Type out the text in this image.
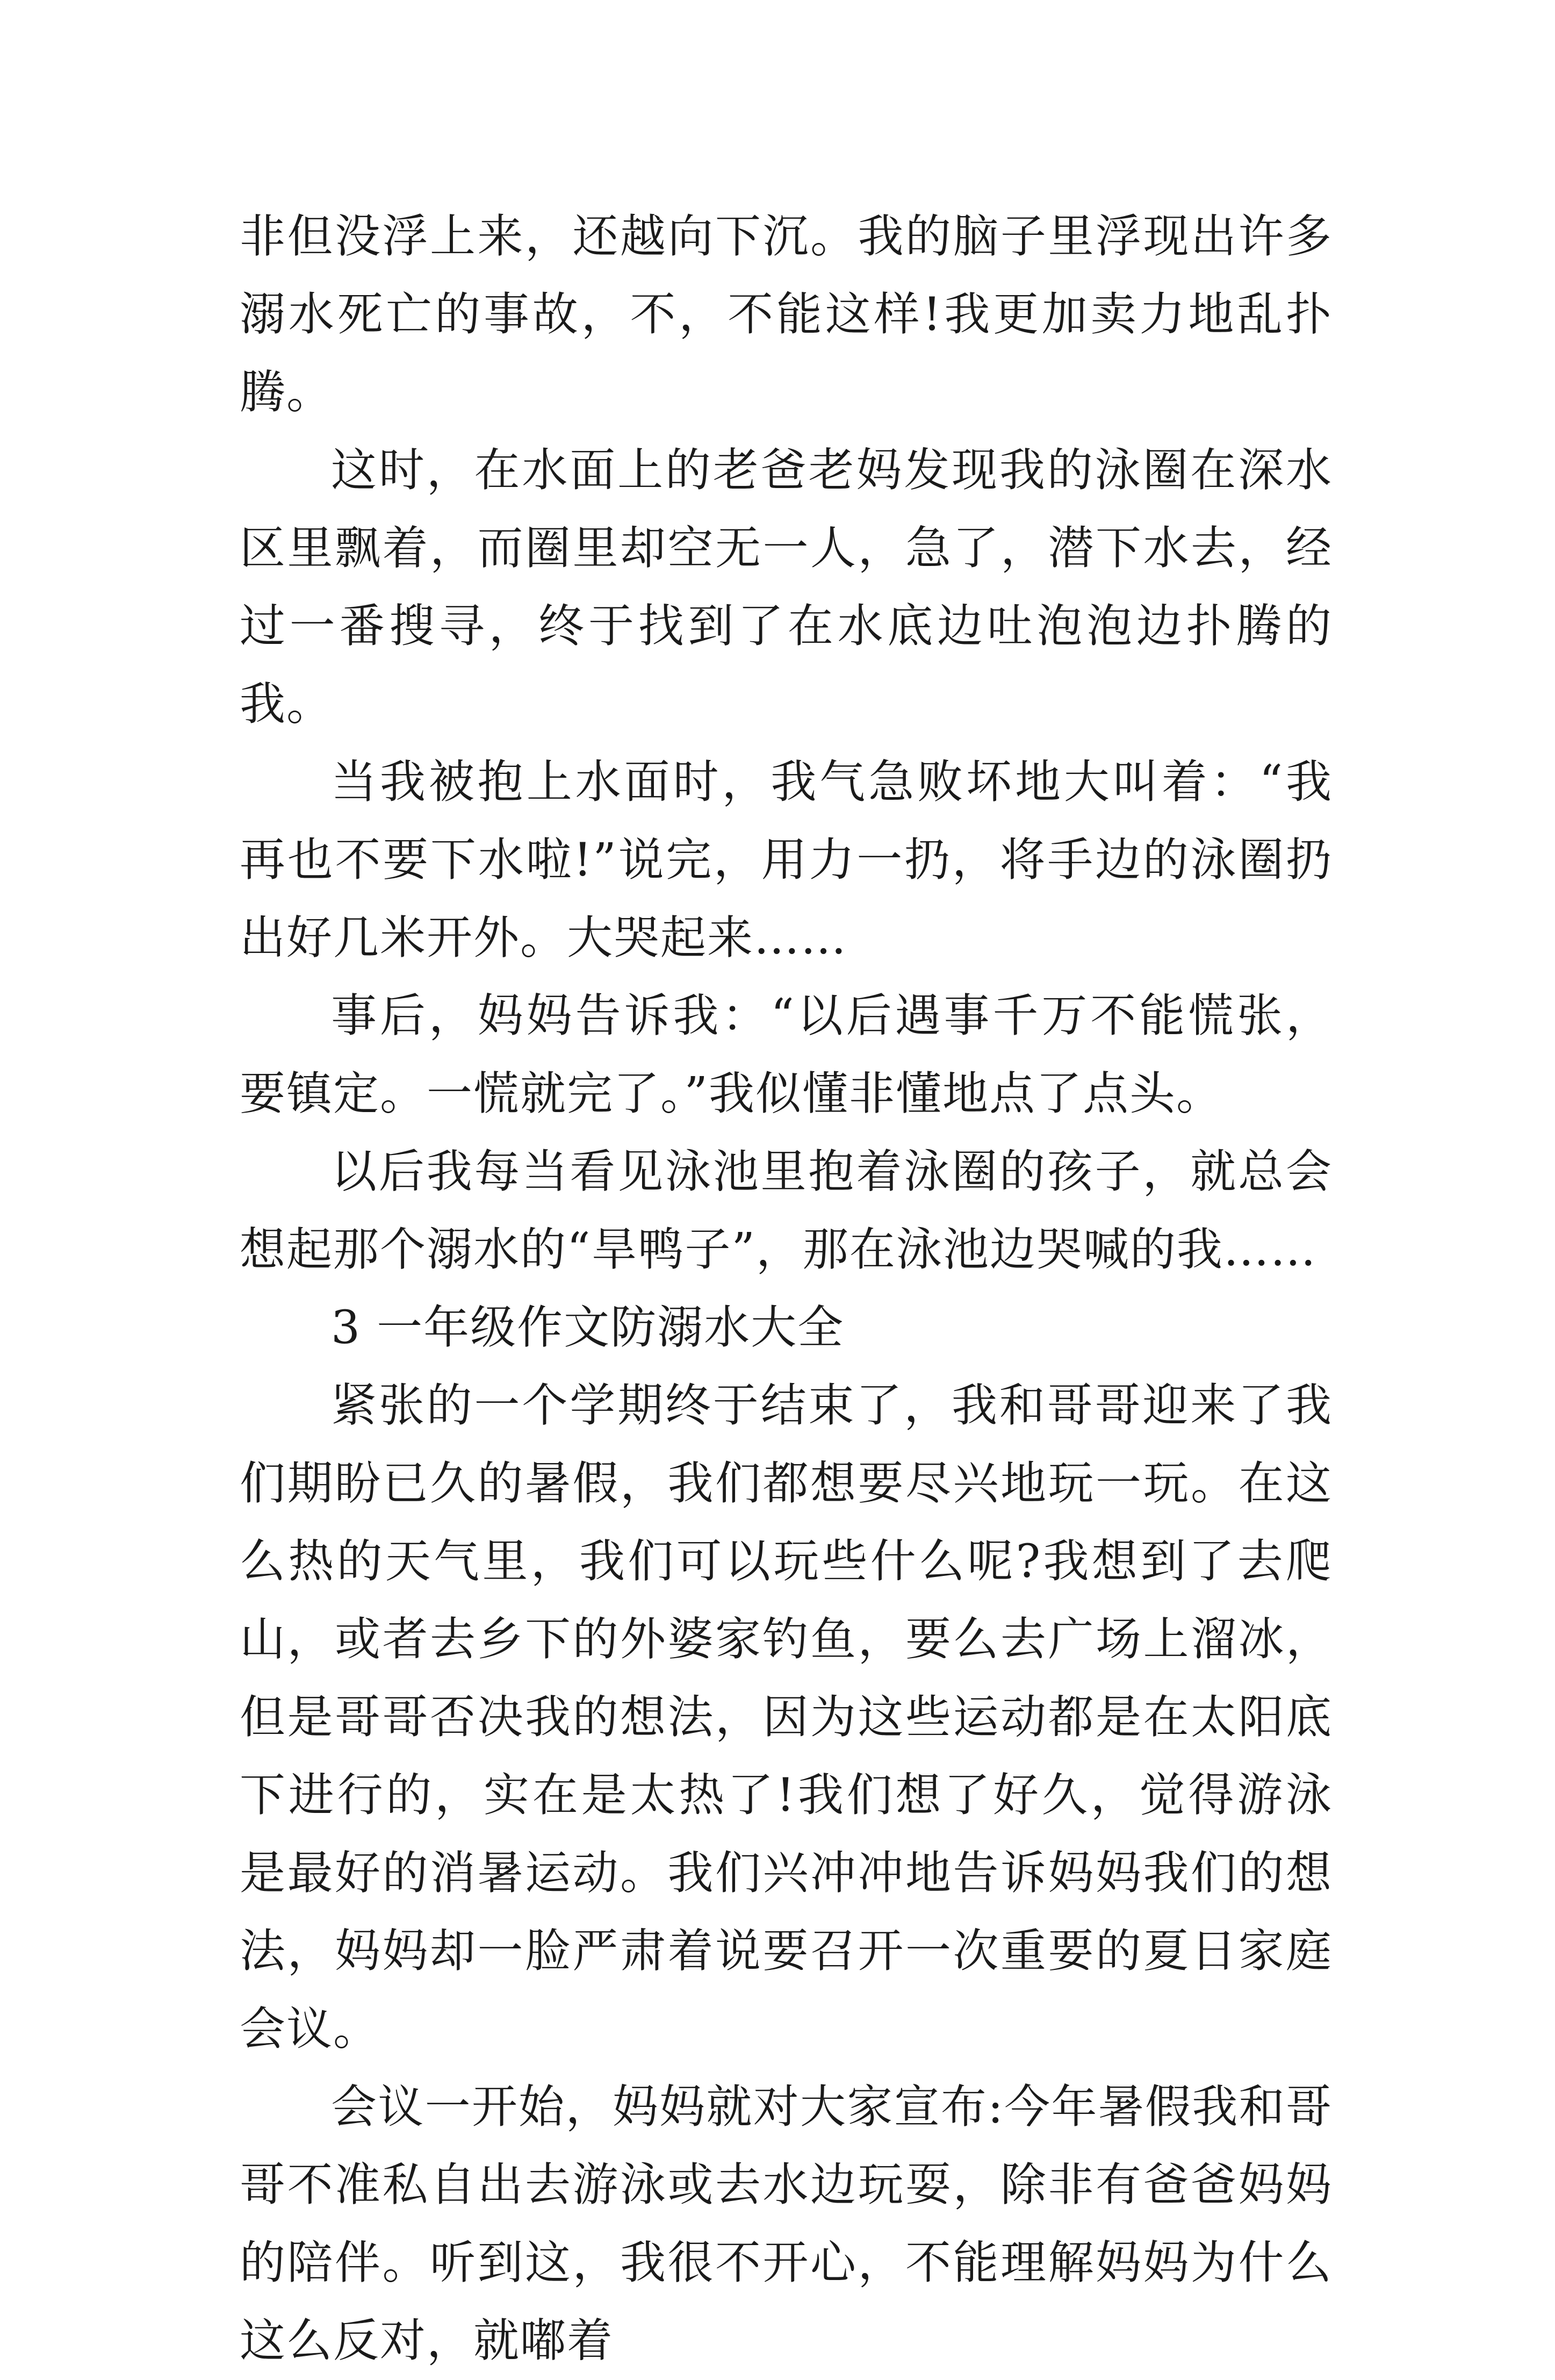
非但没浮上来，还越向下沉。我的脑子里浮现出许多溺水死亡的事故，不，不能这样!我更加卖力地乱扑腾。

这时，在水面上的老爸老妈发现我的泳圈在深水区里飘着，而圈里却空无一人，急了，潜下水去，经过一番搜寻，终于找到了在水底边吐泡泡边扑腾的我。

当我被抱上水面时，我气急败坏地大叫着：“我再也不要下水啦!”说完，用力一扔，将手边的泳圈扔出好几米开外。大哭起来……

事后，妈妈告诉我：“以后遇事千万不能慌张，要镇定。一慌就完了。”我似懂非懂地点了点头。

以后我每当看见泳池里抱着泳圈的孩子，就总会想起那个溺水的“旱鸭子”，那在泳池边哭喊的我……

3 一年级作文防溺水大全

紧张的一个学期终于结束了，我和哥哥迎来了我们期盼已久的暑假，我们都想要尽兴地玩一玩。在这么热的天气里，我们可以玩些什么呢?我想到了去爬山，或者去乡下的外婆家钓鱼，要么去广场上溜冰，但是哥哥否决我的想法，因为这些运动都是在太阳底下进行的，实在是太热了!我们想了好久，觉得游泳是最好的消暑运动。我们兴冲冲地告诉妈妈我们的想法，妈妈却一脸严肃着说要召开一次重要的夏日家庭会议。

会议一开始，妈妈就对大家宣布:今年暑假我和哥哥不准私自出去游泳或去水边玩耍，除非有爸爸妈妈的陪伴。听到这，我很不开心，不能理解妈妈为什么这么反对，就嘟着
